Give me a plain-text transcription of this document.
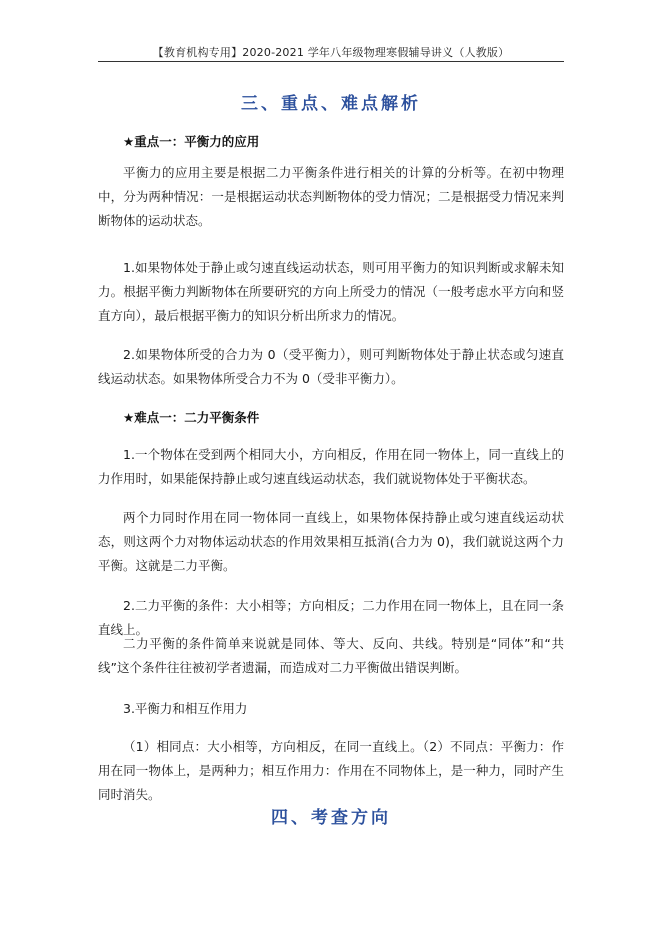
【教育机构专用】2020-2021 学年八年级物理寒假辅导讲义（人教版）
三、重点、难点解析
★重点一：平衡力的应用
平衡力的应用主要是根据二力平衡条件进行相关的计算的分析等。在初中物理中，分为两种情况：一是根据运动状态判断物体的受力情况；二是根据受力情况来判断物体的运动状态。
1.如果物体处于静止或匀速直线运动状态，则可用平衡力的知识判断或求解未知力。根据平衡力判断物体在所要研究的方向上所受力的情况（一般考虑水平方向和竖直方向），最后根据平衡力的知识分析出所求力的情况。
2.如果物体所受的合力为 0（受平衡力），则可判断物体处于静止状态或匀速直线运动状态。如果物体所受合力不为 0（受非平衡力）。
★难点一：二力平衡条件
1.一个物体在受到两个相同大小，方向相反，作用在同一物体上，同一直线上的力作用时，如果能保持静止或匀速直线运动状态，我们就说物体处于平衡状态。
两个力同时作用在同一物体同一直线上，如果物体保持静止或匀速直线运动状态，则这两个力对物体运动状态的作用效果相互抵消(合力为 0)，我们就说这两个力平衡。这就是二力平衡。
2.二力平衡的条件：大小相等；方向相反；二力作用在同一物体上，且在同一条直线上。
二力平衡的条件简单来说就是同体、等大、反向、共线。特别是“同体”和“共线”这个条件往往被初学者遗漏，而造成对二力平衡做出错误判断。
3.平衡力和相互作用力
（1）相同点：大小相等，方向相反，在同一直线上。（2）不同点：平衡力：作用在同一物体上，是两种力；相互作用力：作用在不同物体上，是一种力，同时产生同时消失。
四、考查方向
